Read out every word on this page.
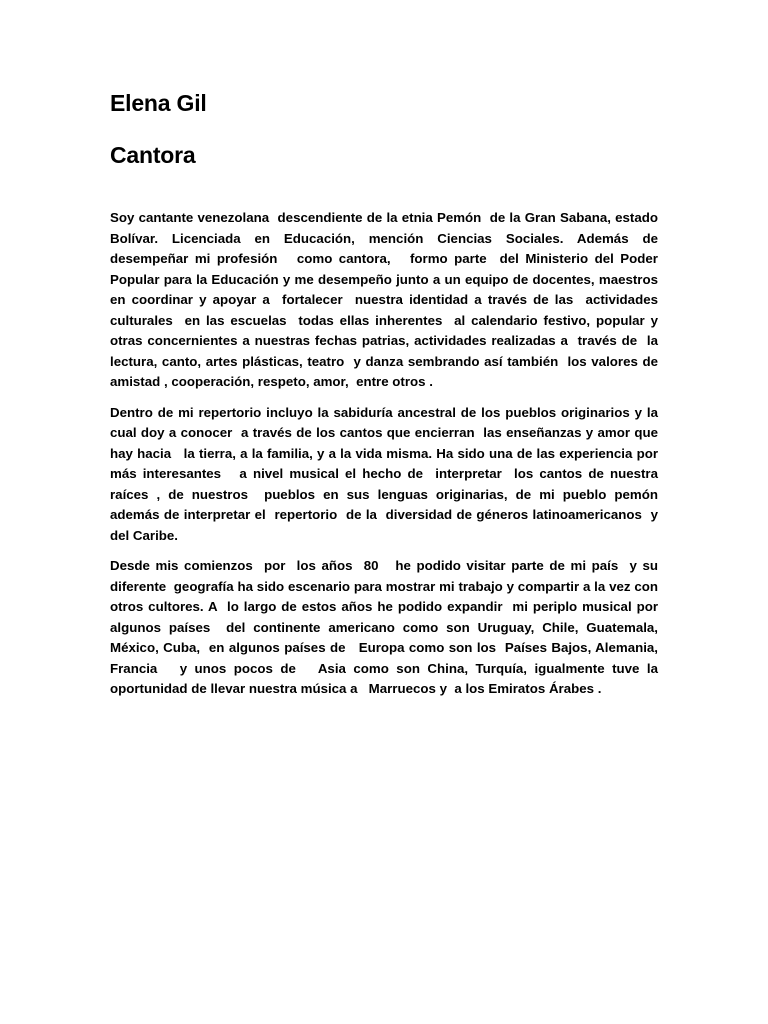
Elena Gil
Cantora

Soy cantante venezolana  descendiente de la etnia Pemón  de la Gran Sabana, estado Bolívar. Licenciada en Educación, mención Ciencias Sociales. Además de desempeñar mi profesión   como cantora,   formo parte  del Ministerio del Poder Popular para la Educación y me desempeño junto a un equipo de docentes, maestros en coordinar y apoyar a  fortalecer  nuestra identidad a través de las  actividades culturales  en las escuelas  todas ellas inherentes  al calendario festivo, popular y otras concernientes a nuestras fechas patrias, actividades realizadas a  través de  la lectura, canto, artes plásticas, teatro  y danza sembrando así también  los valores de amistad , cooperación, respeto, amor,  entre otros .

Dentro de mi repertorio incluyo la sabiduría ancestral de los pueblos originarios y la cual doy a conocer  a través de los cantos que encierran  las enseñanzas y amor que hay hacia   la tierra, a la familia, y a la vida misma. Ha sido una de las experiencia por más interesantes   a nivel musical el hecho de  interpretar  los cantos de nuestra raíces , de nuestros  pueblos en sus lenguas originarias, de mi pueblo pemón  además de interpretar el  repertorio  de la  diversidad de géneros latinoamericanos  y del Caribe.

Desde mis comienzos  por  los años  80   he podido visitar parte de mi país  y su diferente  geografía ha sido escenario para mostrar mi trabajo y compartir a la vez con otros cultores. A  lo largo de estos años he podido expandir  mi periplo musical por algunos países  del continente americano como son Uruguay, Chile, Guatemala, México, Cuba,  en algunos países de   Europa como son los  Países Bajos, Alemania, Francia   y unos pocos de   Asia como son China, Turquía, igualmente tuve la oportunidad de llevar nuestra música a   Marruecos y  a los Emiratos Árabes .
